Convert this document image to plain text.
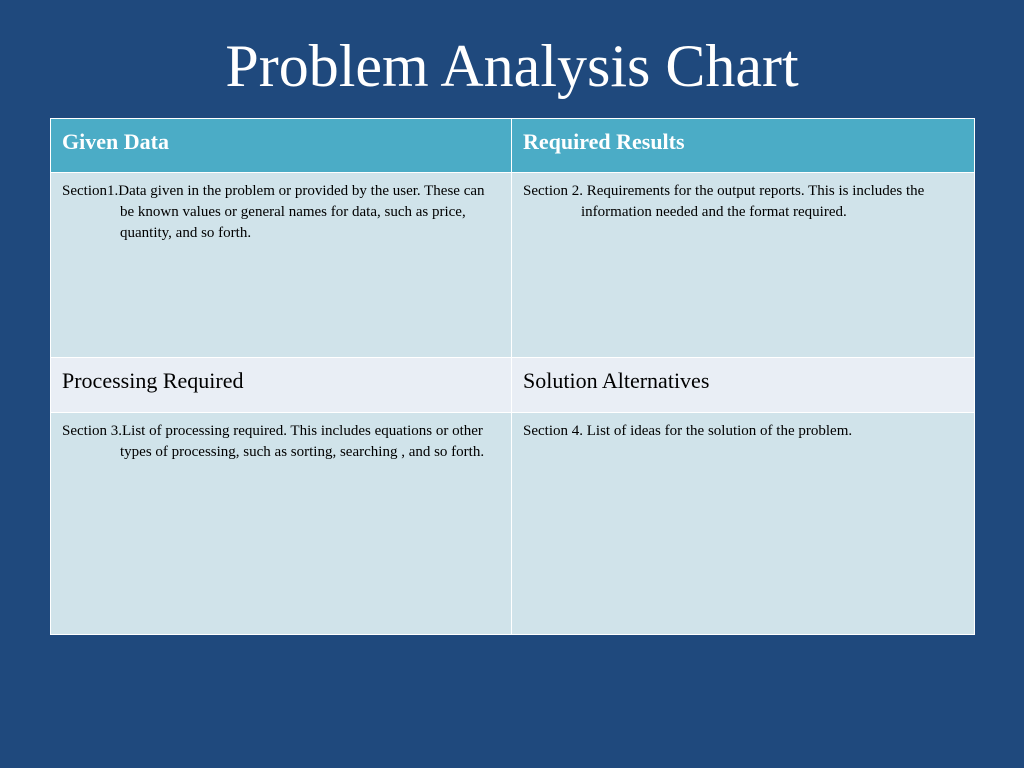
Problem Analysis Chart
Given Data	Required Results

Section1.Data given in the problem or provided by the user. These can be known values or general names for data, such as price, quantity, and so forth.	Section 2. Requirements for the output reports. This is includes the information needed and the format required.

Processing Required	Solution Alternatives

Section 3.List of processing required. This includes equations or other types of processing, such as sorting, searching , and so forth.	Section 4. List of ideas for the solution of the problem.
